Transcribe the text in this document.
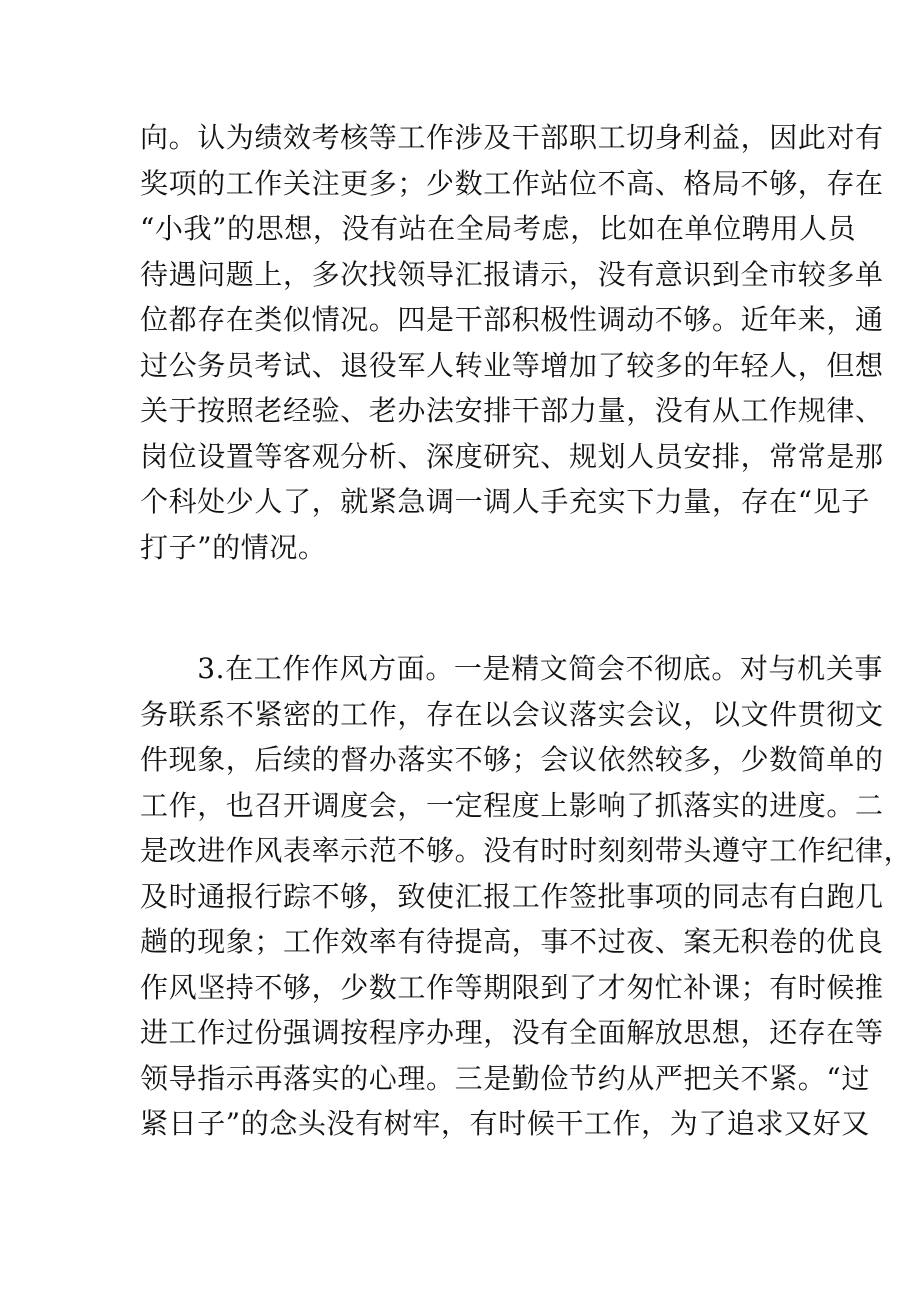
向。认为绩效考核等工作涉及干部职工切身利益，因此对有
奖项的工作关注更多；少数工作站位不高、格局不够，存在
“小我”的思想，没有站在全局考虑，比如在单位聘用人员
待遇问题上，多次找领导汇报请示，没有意识到全市较多单
位都存在类似情况。四是干部积极性调动不够。近年来，通
过公务员考试、退役军人转业等增加了较多的年轻人，但想
关于按照老经验、老办法安排干部力量，没有从工作规律、
岗位设置等客观分析、深度研究、规划人员安排，常常是那
个科处少人了，就紧急调一调人手充实下力量，存在“见子
打子”的情况。

　　3.在工作作风方面。一是精文简会不彻底。对与机关事
务联系不紧密的工作，存在以会议落实会议，以文件贯彻文
件现象，后续的督办落实不够；会议依然较多，少数简单的
工作，也召开调度会，一定程度上影响了抓落实的进度。二
是改进作风表率示范不够。没有时时刻刻带头遵守工作纪律，
及时通报行踪不够，致使汇报工作签批事项的同志有白跑几
趟的现象；工作效率有待提高，事不过夜、案无积卷的优良
作风坚持不够，少数工作等期限到了才匆忙补课；有时候推
进工作过份强调按程序办理，没有全面解放思想，还存在等
领导指示再落实的心理。三是勤俭节约从严把关不紧。“过
紧日子”的念头没有树牢，有时候干工作，为了追求又好又
